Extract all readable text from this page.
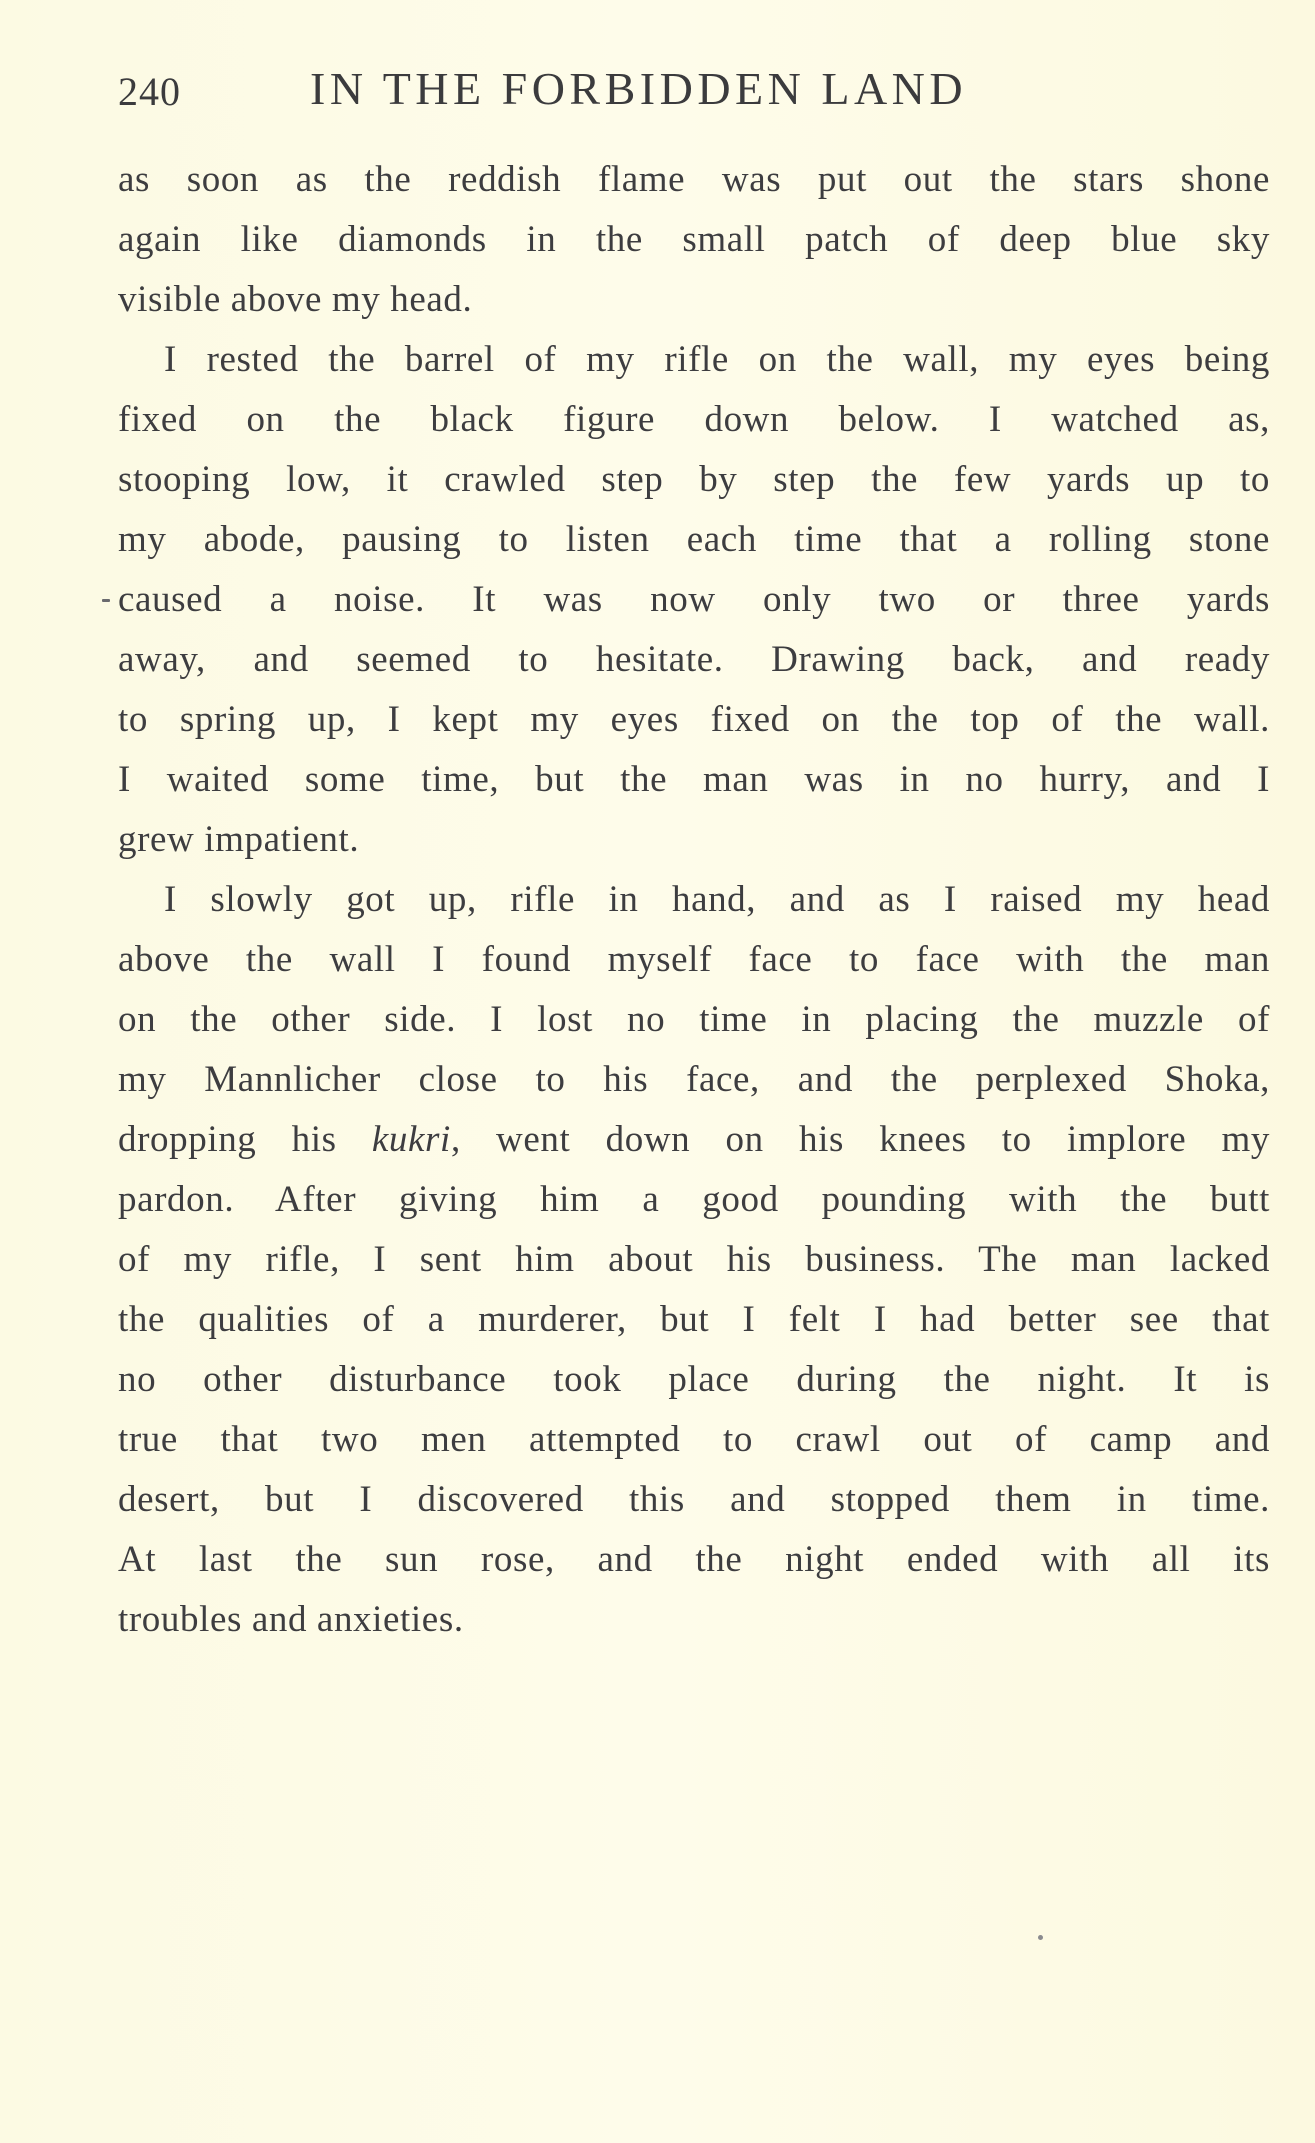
240	IN THE FORBIDDEN LAND
as soon as the reddish flame was put out the stars shone
again like diamonds in the small patch of deep blue sky
visible above my head.
I rested the barrel of my rifle on the wall, my eyes being
fixed on the black figure down below. I watched as,
stooping low, it crawled step by step the few yards up to
my abode, pausing to listen each time that a rolling stone
caused a noise. It was now only two or three yards
away, and seemed to hesitate. Drawing back, and ready
to spring up, I kept my eyes fixed on the top of the wall.
I waited some time, but the man was in no hurry, and I
grew impatient.
I slowly got up, rifle in hand, and as I raised my head
above the wall I found myself face to face with the man
on the other side. I lost no time in placing the muzzle of
my Mannlicher close to his face, and the perplexed Shoka,
dropping his kukri, went down on his knees to implore my
pardon. After giving him a good pounding with the butt
of my rifle, I sent him about his business. The man lacked
the qualities of a murderer, but I felt I had better see that
no other disturbance took place during the night. It is
true that two men attempted to crawl out of camp and
desert, but I discovered this and stopped them in time.
At last the sun rose, and the night ended with all its
troubles and anxieties.
